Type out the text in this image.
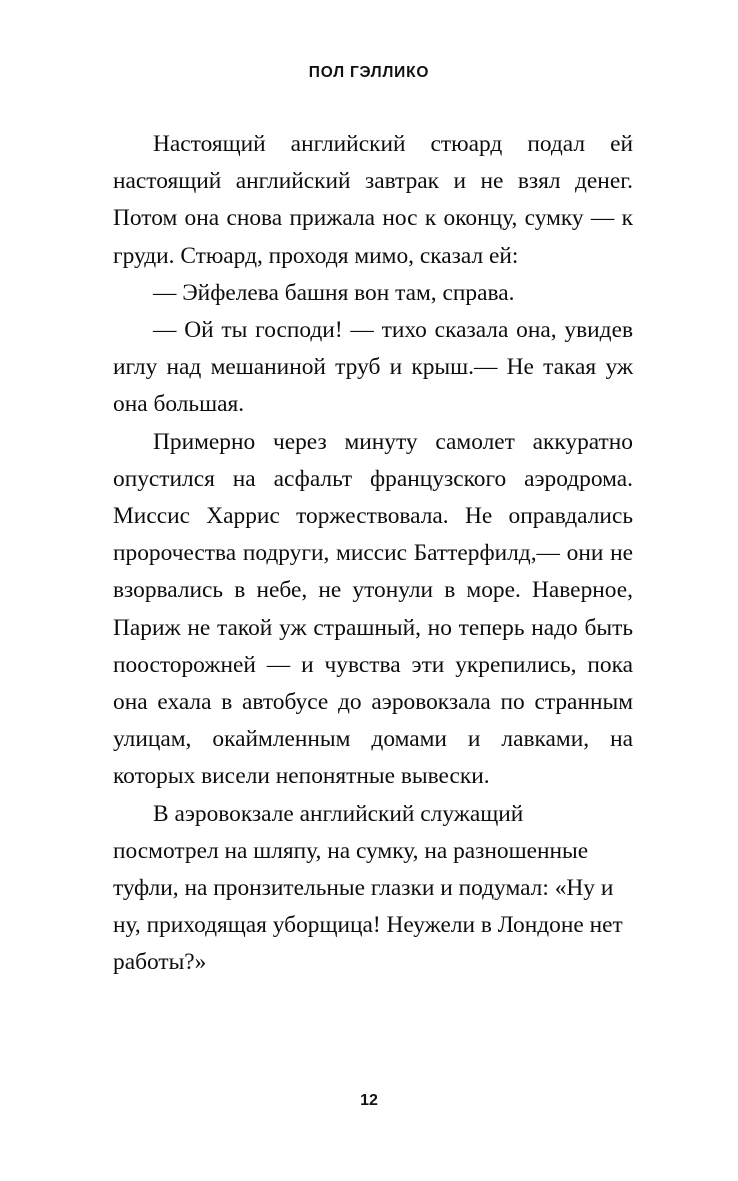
ПОЛ ГЭЛЛИКО

Настоящий английский стюард подал ей настоящий английский завтрак и не взял денег. Потом она снова прижала нос к оконцу, сумку — к груди. Стюард, проходя мимо, сказал ей:

— Эйфелева башня вон там, справа.

— Ой ты господи! — тихо сказала она, увидев иглу над мешаниной труб и крыш.— Не такая уж она большая.

Примерно через минуту самолет аккуратно опустился на асфальт французского аэродрома. Миссис Харрис торжествовала. Не оправдались пророчества подруги, миссис Баттерфилд,— они не взорвались в небе, не утонули в море. Наверное, Париж не такой уж страшный, но теперь надо быть поосторожней — и чувства эти укрепились, пока она ехала в автобусе до аэровокзала по странным улицам, окаймленным домами и лавками, на которых висели непонятные вывески.

В аэровокзале английский служащий посмотрел на шляпу, на сумку, на разношенные туфли, на пронзительные глазки и подумал: «Ну и ну, приходящая уборщица! Неужели в Лондоне нет работы?»

12
